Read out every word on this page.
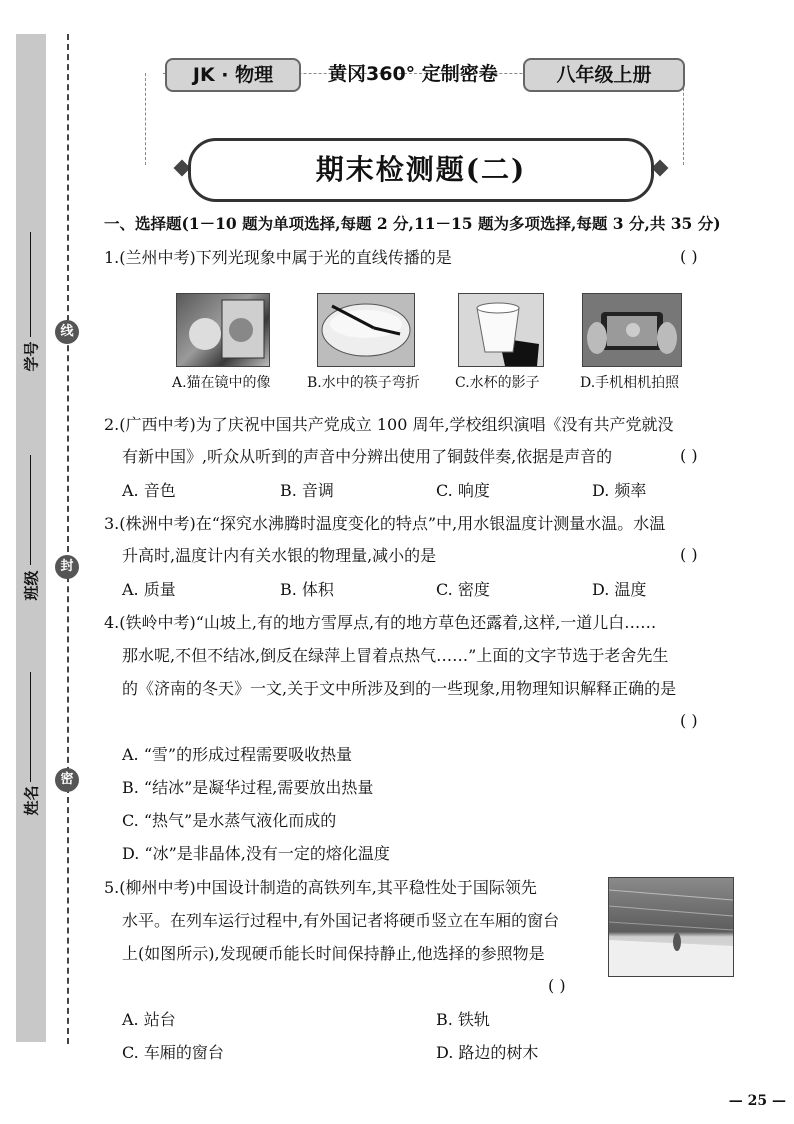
线
封
密
学号
班级
姓名
JK · 物理	黄冈360° 定制密卷	八年级上册
期末检测题(二)
一、选择题(1－10 题为单项选择,每题 2 分,11－15 题为多项选择,每题 3 分,共 35 分)
1.(兰州中考)下列光现象中属于光的直线传播的是	( )
A.猫在镜中的像	B.水中的筷子弯折	C.水杯的影子	D.手机相机拍照
2.(广西中考)为了庆祝中国共产党成立 100 周年,学校组织演唱《没有共产党就没
有新中国》,听众从听到的声音中分辨出使用了铜鼓伴奏,依据是声音的	( )
A. 音色	B. 音调	C. 响度	D. 频率
3.(株洲中考)在“探究水沸腾时温度变化的特点”中,用水银温度计测量水温。水温
升高时,温度计内有关水银的物理量,减小的是	( )
A. 质量	B. 体积	C. 密度	D. 温度
4.(铁岭中考)“山坡上,有的地方雪厚点,有的地方草色还露着,这样,一道儿白……
那水呢,不但不结冰,倒反在绿萍上冒着点热气……”上面的文字节选于老舍先生
的《济南的冬天》一文,关于文中所涉及到的一些现象,用物理知识解释正确的是
( )
A. “雪”的形成过程需要吸收热量
B. “结冰”是凝华过程,需要放出热量
C. “热气”是水蒸气液化而成的
D. “冰”是非晶体,没有一定的熔化温度
5.(柳州中考)中国设计制造的高铁列车,其平稳性处于国际领先
水平。在列车运行过程中,有外国记者将硬币竖立在车厢的窗台
上(如图所示),发现硬币能长时间保持静止,他选择的参照物是
( )
A. 站台	B. 铁轨
C. 车厢的窗台	D. 路边的树木
— 25 —
